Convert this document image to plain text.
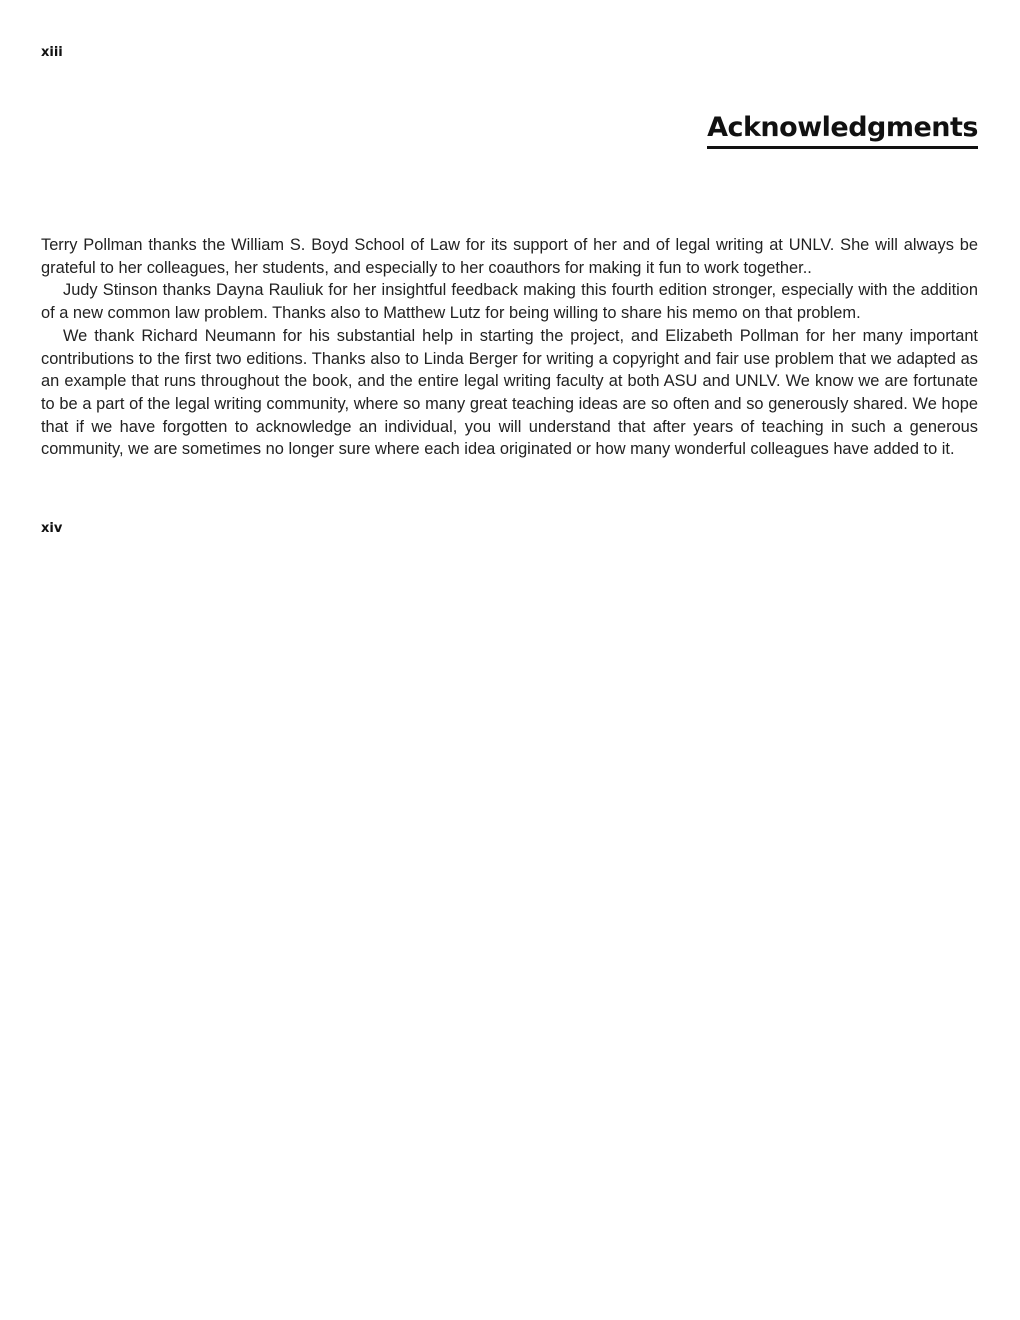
xiii
Acknowledgments

Terry Pollman thanks the William S. Boyd School of Law for its support of her and of legal writing at UNLV. She will always be grateful to her colleagues, her students, and especially to her coauthors for making it fun to work together..

Judy Stinson thanks Dayna Rauliuk for her insightful feedback making this fourth edition stronger, especially with the addition of a new common law problem. Thanks also to Matthew Lutz for being willing to share his memo on that problem.

We thank Richard Neumann for his substantial help in starting the project, and Elizabeth Pollman for her many important contributions to the first two editions. Thanks also to Linda Berger for writing a copyright and fair use problem that we adapted as an example that runs throughout the book, and the entire legal writing faculty at both ASU and UNLV. We know we are fortunate to be a part of the legal writing community, where so many great teaching ideas are so often and so generously shared. We hope that if we have forgotten to acknowledge an individual, you will understand that after years of teaching in such a generous community, we are sometimes no longer sure where each idea originated or how many wonderful colleagues have added to it.

xiv
